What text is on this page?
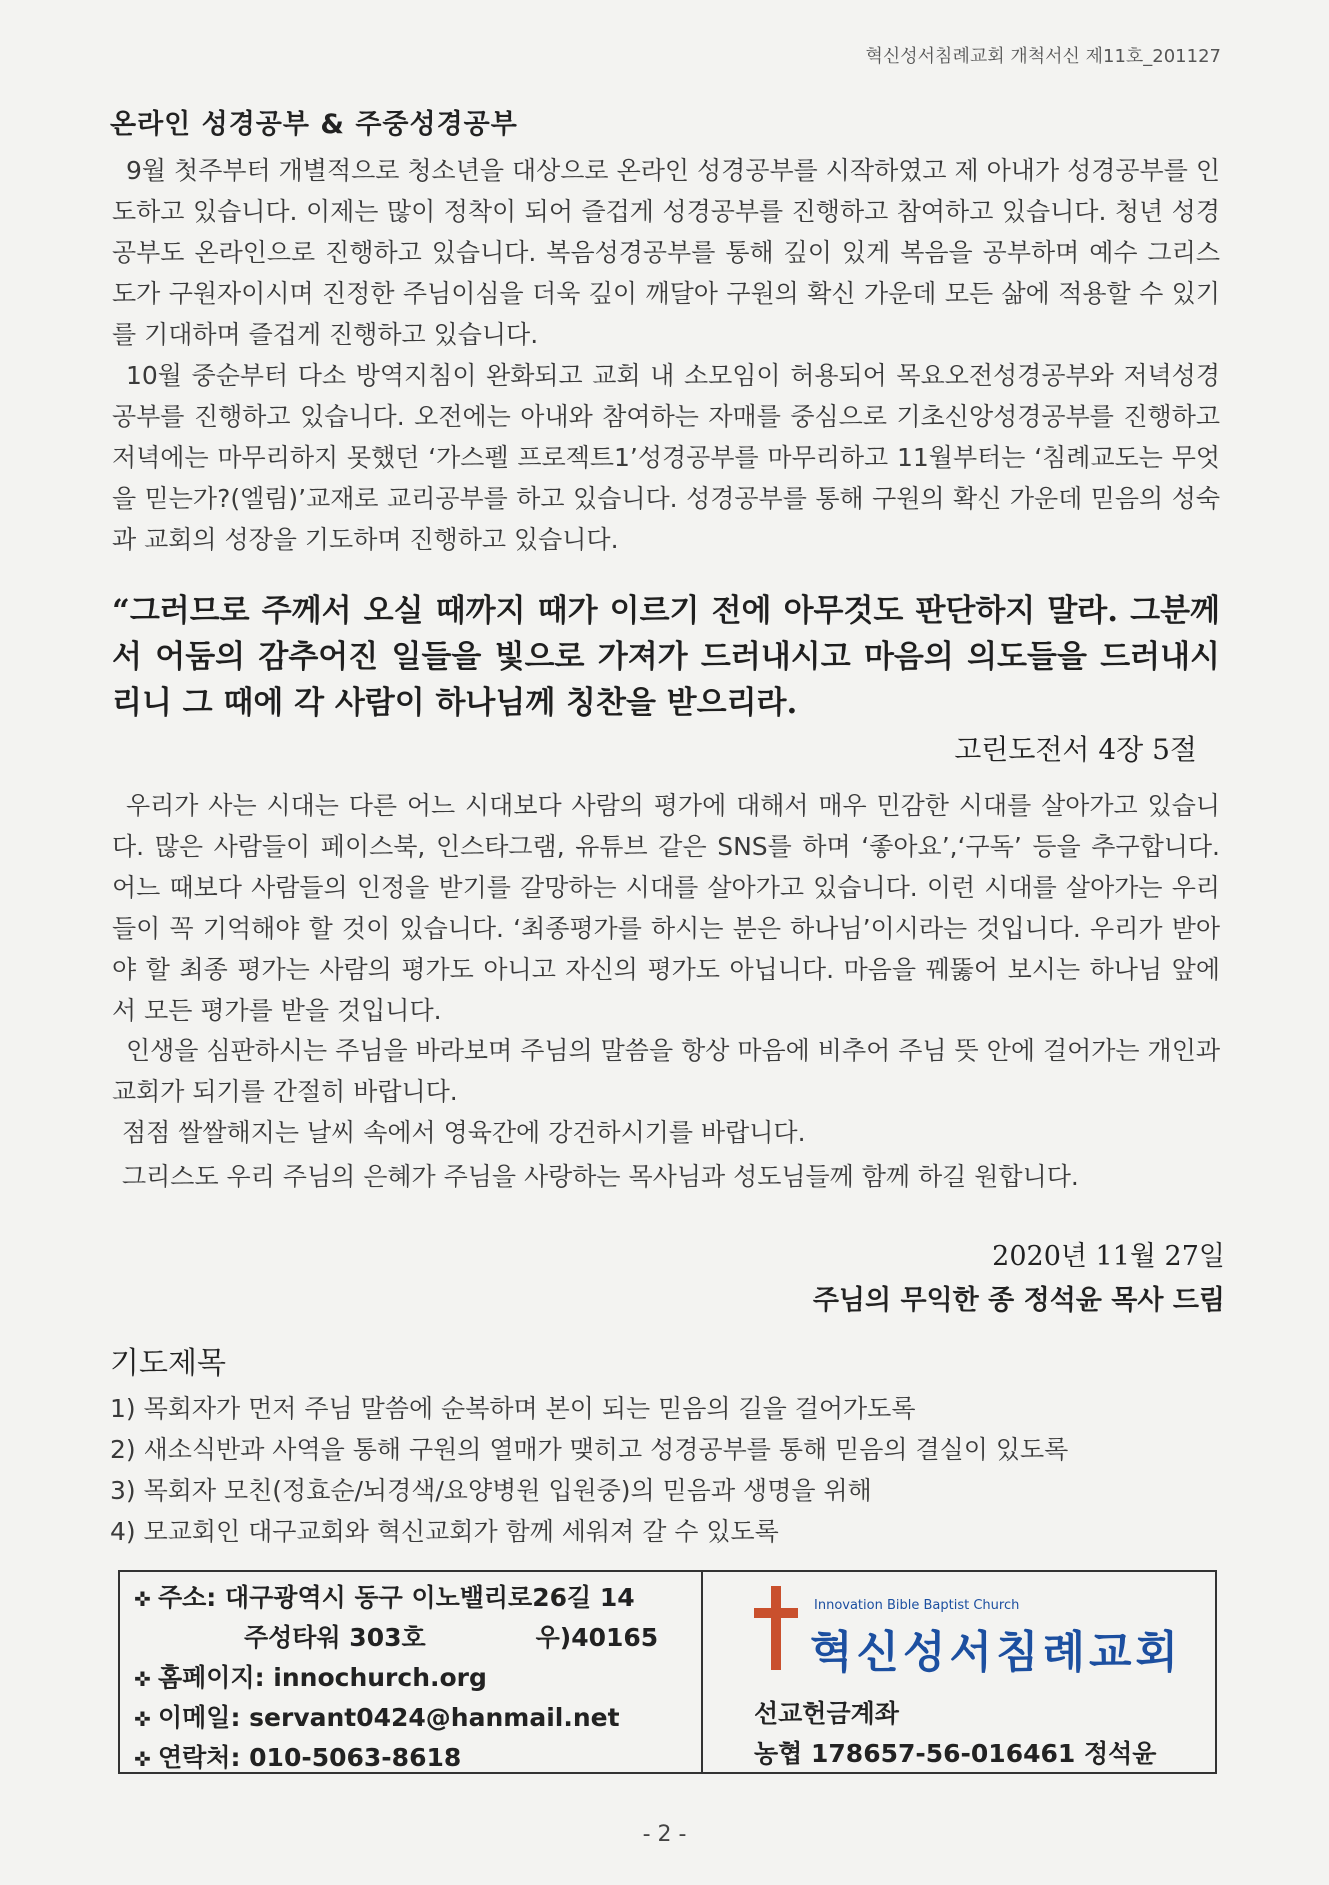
혁신성서침례교회 개척서신 제11호_201127
온라인 성경공부 & 주중성경공부

9월 첫주부터 개별적으로 청소년을 대상으로 온라인 성경공부를 시작하였고 제 아내가 성경공부를 인도하고 있습니다. 이제는 많이 정착이 되어 즐겁게 성경공부를 진행하고 참여하고 있습니다. 청년 성경공부도 온라인으로 진행하고 있습니다. 복음성경공부를 통해 깊이 있게 복음을 공부하며 예수 그리스도가 구원자이시며 진정한 주님이심을 더욱 깊이 깨달아 구원의 확신 가운데 모든 삶에 적용할 수 있기를 기대하며 즐겁게 진행하고 있습니다.

10월 중순부터 다소 방역지침이 완화되고 교회 내 소모임이 허용되어 목요오전성경공부와 저녁성경공부를 진행하고 있습니다. 오전에는 아내와 참여하는 자매를 중심으로 기초신앙성경공부를 진행하고 저녁에는 마무리하지 못했던 ‘가스펠 프로젝트1’성경공부를 마무리하고 11월부터는 ‘침례교도는 무엇을 믿는가?(엘림)’교재로 교리공부를 하고 있습니다. 성경공부를 통해 구원의 확신 가운데 믿음의 성숙과 교회의 성장을 기도하며 진행하고 있습니다.

“그러므로 주께서 오실 때까지 때가 이르기 전에 아무것도 판단하지 말라. 그분께서 어둠의 감추어진 일들을 빛으로 가져가 드러내시고 마음의 의도들을 드러내시리니 그 때에 각 사람이 하나님께 칭찬을 받으리라.

고린도전서 4장 5절

우리가 사는 시대는 다른 어느 시대보다 사람의 평가에 대해서 매우 민감한 시대를 살아가고 있습니다. 많은 사람들이 페이스북, 인스타그램, 유튜브 같은 SNS를 하며 ‘좋아요’,‘구독’ 등을 추구합니다. 어느 때보다 사람들의 인정을 받기를 갈망하는 시대를 살아가고 있습니다. 이런 시대를 살아가는 우리들이 꼭 기억해야 할 것이 있습니다. ‘최종평가를 하시는 분은 하나님’이시라는 것입니다. 우리가 받아야 할 최종 평가는 사람의 평가도 아니고 자신의 평가도 아닙니다. 마음을 꿰뚫어 보시는 하나님 앞에서 모든 평가를 받을 것입니다.

인생을 심판하시는 주님을 바라보며 주님의 말씀을 항상 마음에 비추어 주님 뜻 안에 걸어가는 개인과 교회가 되기를 간절히 바랍니다.

점점 쌀쌀해지는 날씨 속에서 영육간에 강건하시기를 바랍니다.

그리스도 우리 주님의 은혜가 주님을 사랑하는 목사님과 성도님들께 함께 하길 원합니다.

2020년 11월 27일
주님의 무익한 종 정석윤 목사 드림
기도제목
1) 목회자가 먼저 주님 말씀에 순복하며 본이 되는 믿음의 길을 걸어가도록
2) 새소식반과 사역을 통해 구원의 열매가 맺히고 성경공부를 통해 믿음의 결실이 있도록
3) 목회자 모친(정효순/뇌경색/요양병원 입원중)의 믿음과 생명을 위해
4) 모교회인 대구교회와 혁신교회가 함께 세워져 갈 수 있도록
✜ 주소: 대구광역시 동구 이노밸리로26길 14
주성타워 303호	우)40165
✜ 홈페이지: innochurch.org
✜ 이메일: servant0424@hanmail.net
✜ 연락처: 010-5063-8618
Innovation Bible Baptist Church
혁신성서침례교회
선교헌금계좌
농협 178657-56-016461 정석윤
- 2 -
